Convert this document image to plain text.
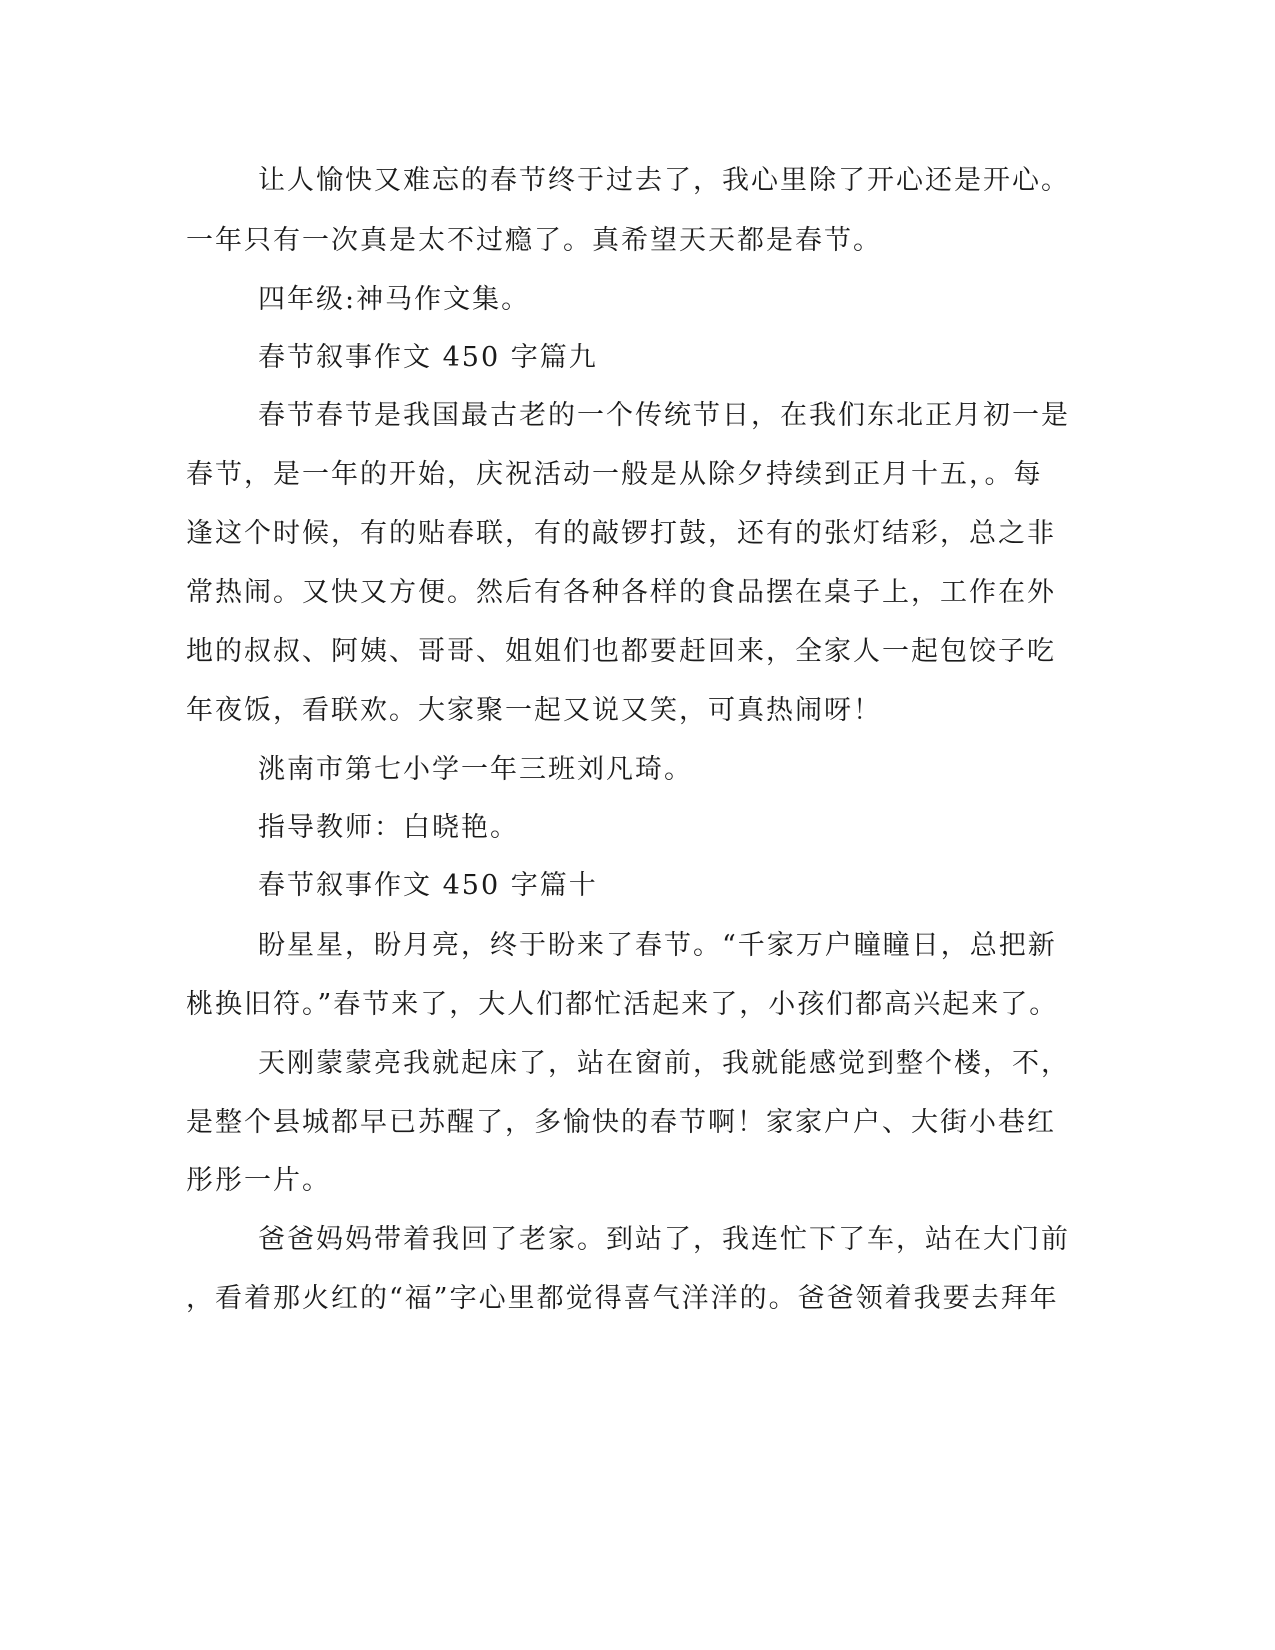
让人愉快又难忘的春节终于过去了，我心里除了开心还是开心。
一年只有一次真是太不过瘾了。真希望天天都是春节。
四年级:神马作文集。
春节叙事作文 450 字篇九
春节春节是我国最古老的一个传统节日，在我们东北正月初一是
春节，是一年的开始，庆祝活动一般是从除夕持续到正月十五，。每
逢这个时候，有的贴春联，有的敲锣打鼓，还有的张灯结彩，总之非
常热闹。又快又方便。然后有各种各样的食品摆在桌子上，工作在外
地的叔叔、阿姨、哥哥、姐姐们也都要赶回来，全家人一起包饺子吃
年夜饭，看联欢。大家聚一起又说又笑，可真热闹呀！
洮南市第七小学一年三班刘凡琦。
指导教师：白晓艳。
春节叙事作文 450 字篇十
盼星星，盼月亮，终于盼来了春节。“千家万户瞳瞳日，总把新
桃换旧符。”春节来了，大人们都忙活起来了，小孩们都高兴起来了。
天刚蒙蒙亮我就起床了，站在窗前，我就能感觉到整个楼，不，
是整个县城都早已苏醒了，多愉快的春节啊！家家户户、大街小巷红
彤彤一片。
爸爸妈妈带着我回了老家。到站了，我连忙下了车，站在大门前
，看着那火红的“福”字心里都觉得喜气洋洋的。爸爸领着我要去拜年
